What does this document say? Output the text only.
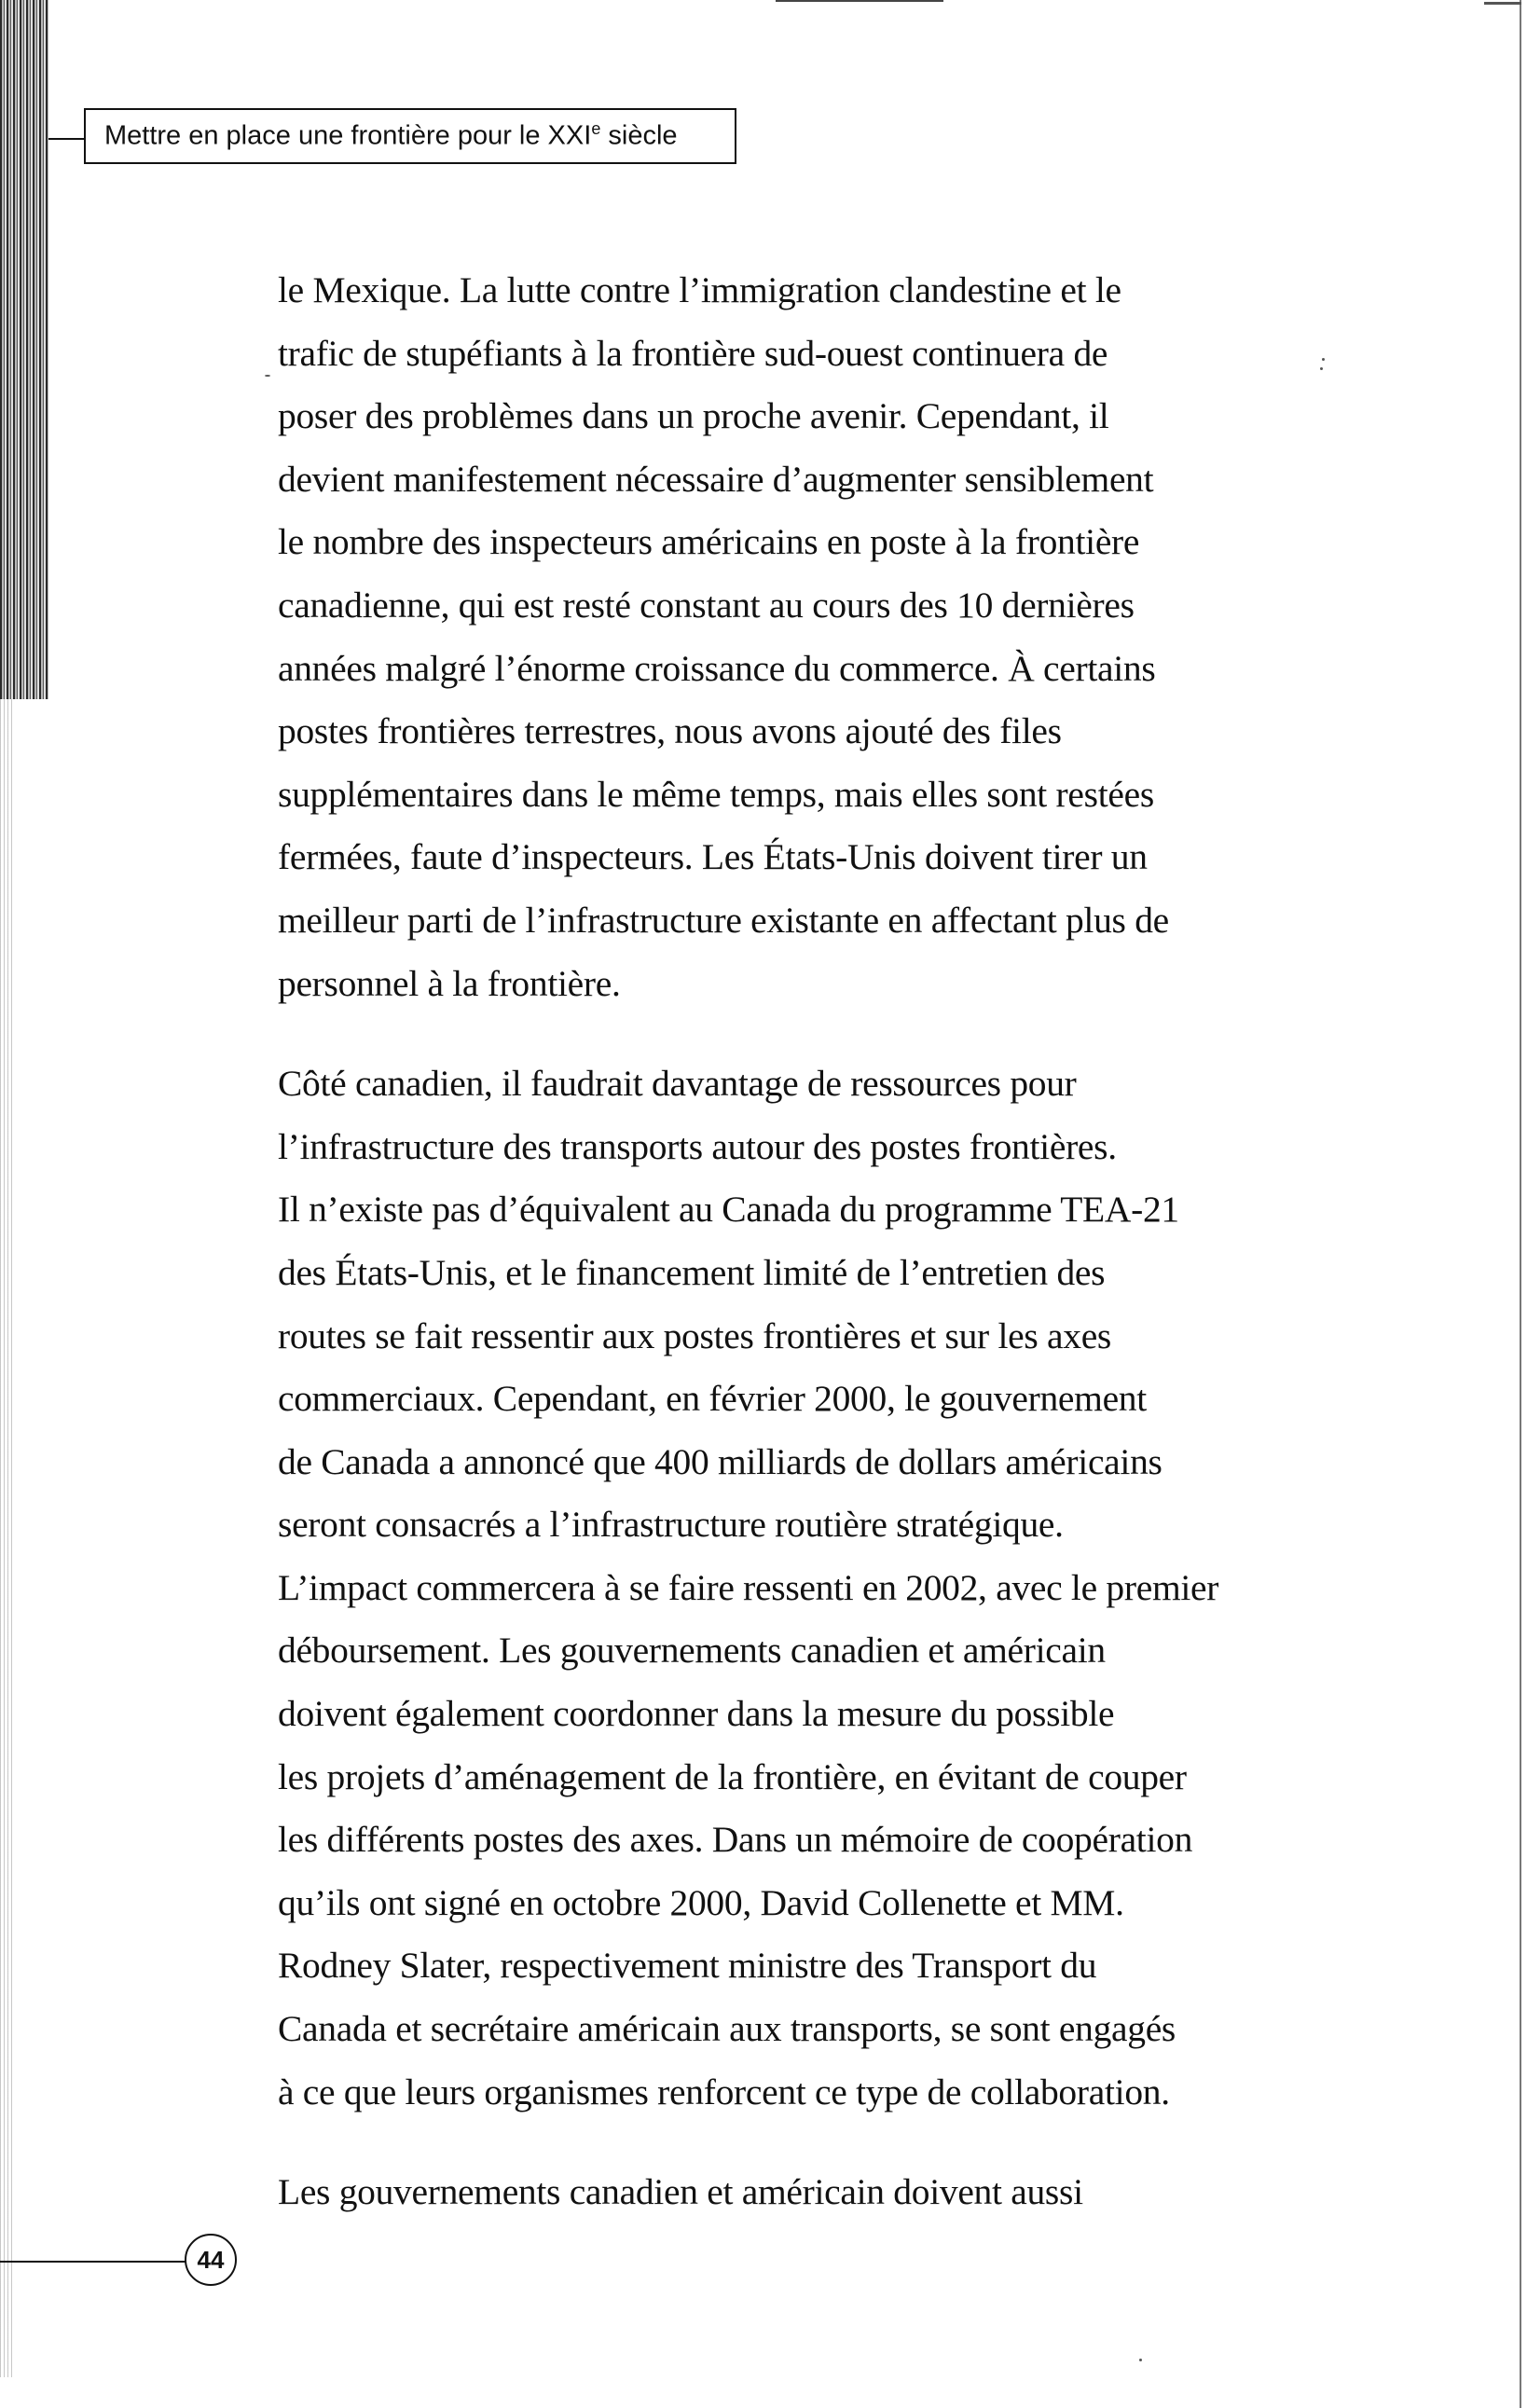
Mettre en place une frontière pour le XXIe siècle

le Mexique. La lutte contre l’immigration clandestine et le
trafic de stupéfiants à la frontière sud-ouest continuera de
poser des problèmes dans un proche avenir. Cependant, il
devient manifestement nécessaire d’augmenter sensiblement
le nombre des inspecteurs américains en poste à la frontière
canadienne, qui est resté constant au cours des 10 dernières
années malgré l’énorme croissance du commerce. À certains
postes frontières terrestres, nous avons ajouté des files
supplémentaires dans le même temps, mais elles sont restées
fermées, faute d’inspecteurs. Les États-Unis doivent tirer un
meilleur parti de l’infrastructure existante en affectant plus de
personnel à la frontière.

Côté canadien, il faudrait davantage de ressources pour
l’infrastructure des transports autour des postes frontières.
Il n’existe pas d’équivalent au Canada du programme TEA-21
des États-Unis, et le financement limité de l’entretien des
routes se fait ressentir aux postes frontières et sur les axes
commerciaux. Cependant, en février 2000, le gouvernement
de Canada a annoncé que 400 milliards de dollars américains
seront consacrés a l’infrastructure routière stratégique.
L’impact commercera à se faire ressenti en 2002, avec le premier
déboursement. Les gouvernements canadien et américain
doivent également coordonner dans la mesure du possible
les projets d’aménagement de la frontière, en évitant de couper
les différents postes des axes. Dans un mémoire de coopération
qu’ils ont signé en octobre 2000, David Collenette et MM.
Rodney Slater, respectivement ministre des Transport du
Canada et secrétaire américain aux transports, se sont engagés
à ce que leurs organismes renforcent ce type de collaboration.

Les gouvernements canadien et américain doivent aussi

44
